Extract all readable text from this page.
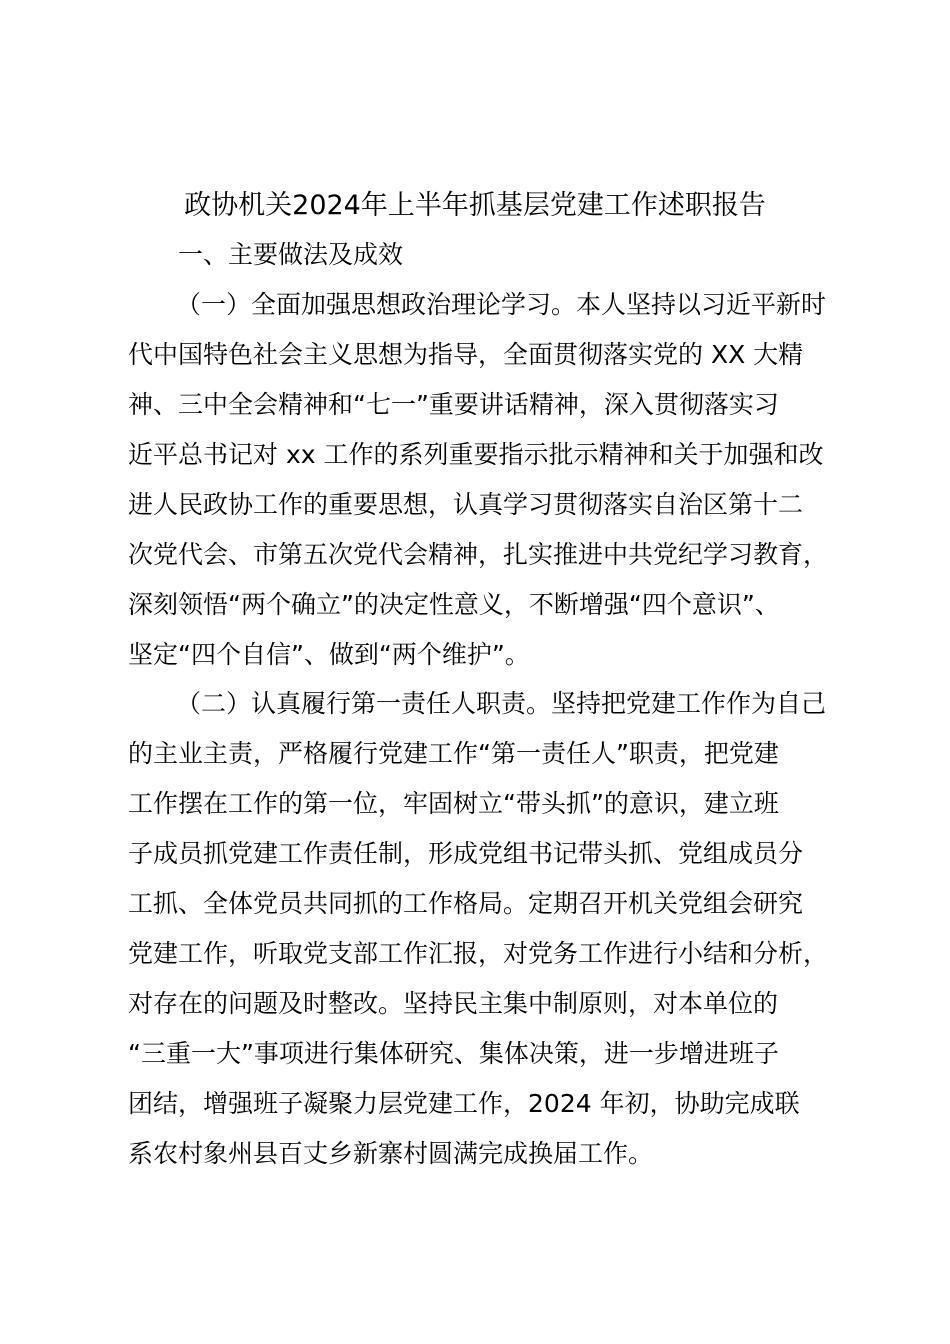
政协机关2024年上半年抓基层党建工作述职报告
一、主要做法及成效
（一）全面加强思想政治理论学习。本人坚持以习近平新时
代中国特色社会主义思想为指导，全面贯彻落实党的 XX 大精
神、三中全会精神和“七一”重要讲话精神，深入贯彻落实习
近平总书记对 xx 工作的系列重要指示批示精神和关于加强和改
进人民政协工作的重要思想，认真学习贯彻落实自治区第十二
次党代会、市第五次党代会精神，扎实推进中共党纪学习教育，
深刻领悟“两个确立”的决定性意义，不断增强“四个意识”、
坚定“四个自信”、做到“两个维护”。
（二）认真履行第一责任人职责。坚持把党建工作作为自己
的主业主责，严格履行党建工作“第一责任人”职责，把党建
工作摆在工作的第一位，牢固树立“带头抓”的意识，建立班
子成员抓党建工作责任制，形成党组书记带头抓、党组成员分
工抓、全体党员共同抓的工作格局。定期召开机关党组会研究
党建工作，听取党支部工作汇报，对党务工作进行小结和分析，
对存在的问题及时整改。坚持民主集中制原则，对本单位的
“三重一大”事项进行集体研究、集体决策，进一步增进班子
团结，增强班子凝聚力层党建工作，2024 年初，协助完成联
系农村象州县百丈乡新寨村圆满完成换届工作。
